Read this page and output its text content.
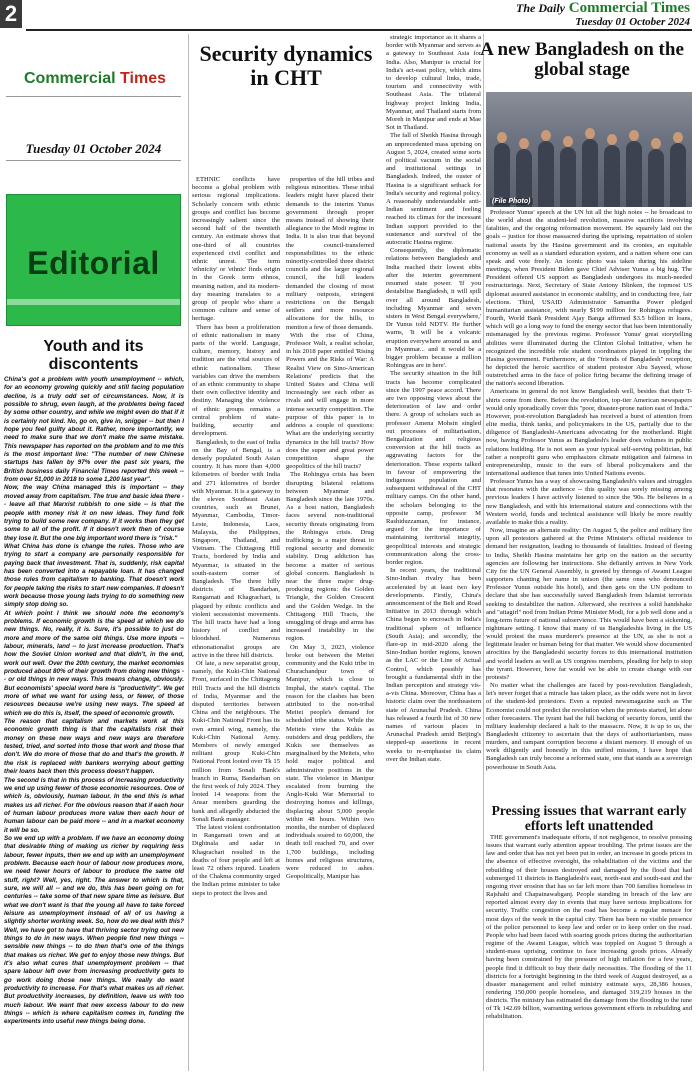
2	The Daily Commercial Times
Tuesday 01 October 2024
Commercial Times
Tuesday 01 October 2024
Editorial
Youth and its discontents

China's got a problem with youth unemployment -- which, for an economy growing quickly and still facing population decline, is a truly odd set of circumstances. Now, it is possible to shrug, even laugh, at the problems being faced by some other country, and while we might even do that if it is certainly not kind. No, go on, give in, snigger -- but then I hope you feel guilty about it. Rather, more importantly, we need to make sure that we don't make the same mistake. This newspaper has reported on the problem and to me this is the most important line: "The number of new Chinese startups has fallen by 97% over the past six years, the British business daily Financial Times reported this week -- from over 51,000 in 2018 to some 1,200 last year".

Now, the way China managed this is important -- they moved away from capitalism. The true and basic idea there -- leave all that Marxist rubbish to one side -- is that the people with money risk it on new ideas. They fund folk trying to build some new company. If it works then they get some to all of the profit. If it doesn't work then of course they lose it. But the one big important word there is "risk."

What China has done is change the rules. Those who are trying to start a company are personally responsible for paying back that investment. That is, suddenly, risk capital has been converted into a repayable loan. It has changed those rules from capitalism to banking. That doesn't work for people taking the risks to start new companies. It doesn't work because those young lads trying to do something new simply stop doing so.

At which point I think we should note the economy's problems. If economic growth is the speed at which we do new things. No, really, it is. Sure, it's possible to just do more and more of the same old things. Use more inputs -- labour, minerals, land -- to just increase production. That's how the Soviet Union worked and that didn't, in the end, work out well. Over the 20th century, the market economies produced about 80% of their growth from doing new things -- or old things in new ways. This means change, obviously. But economists' special word here is "productivity". We get more of what we want for using less, or fewer, of those resources because we're using new ways. The speed at which we do this is, itself, the speed of economic growth.

The reason that capitalism and markets work at this economic growth thing is that the capitalists risk their money on these new ways and new ways are therefore tested, tried, and sorted into those that work and those that don't. We do more of those that do and that's the growth. If the risk is replaced with bankers worrying about getting their loans back then this process doesn't happen.

The second is that in this process of increasing productivity we end up using fewer of those economic resources. One of which is, obviously, human labour. In the end this is what makes us all richer. For the obvious reason that if each hour of human labour produces more value then each hour of human labour can be paid more -- and in a market economy it will be so.

So we end up with a problem. If we have an economy doing that desirable thing of making us richer by requiring less labour, fewer inputs, then we end up with an unemployment problem. Because each hour of labour now produces more, we need fewer hours of labour to produce the same old stuff, right? Well, yes, right. The answer to which is that, sure, we will all -- and we do, this has been going on for centuries -- take some of that new spare time as leisure. But what we don't want is that the young all have to take forced leisure as unemployment instead of all of us having a slightly shorter working week. So, how do we deal with this?

Well, we have got to have that thriving sector trying out new things to do in new ways. When people find new things -- sensible new things -- to do then that's one of the things that makes us richer. We get to enjoy those new things. But it's also what cures that unemployment problem -- that spare labour left over from increasing productivity gets to go work doing those new things. We really do want productivity to increase. For that's what makes us all richer. But productivity increases, by definition, leave us with too much labour. We want that new excess labour to do new things -- which is where capitalism comes in, funding the experiments into useful new things being done.

Security dynamics in CHT

ETHNIC conflicts have become a global problem with serious regional implications. Scholarly concern with ethnic groups and conflict has become increasingly salient since the second half of the twentieth century. An estimate shows that one-third of all countries experienced civil conflict and ethnic unrest. The term 'ethnicity' or 'ethnic' finds origin in the Greek term ethnos, meaning nation, and its modern-day meaning translates to a group of people who share a common culture and sense of heritage.

There has been a proliferation of ethnic nationalism in many parts of the world. Language, culture, memory, history and tradition are the vital sources of ethnic nationalism. These variables can drive the members of an ethnic community to shape their own collective identity and destiny. Managing the violence of ethnic groups remains a central problem of state-building, security and development.

Bangladesh, to the east of India on the Bay of Bengal, is a densely populated South Asian country. It has more than 4,000 kilometres of border with India and 271 kilometres of border with Myanmar. It is a gateway to the eleven Southeast Asian countries, such as Brunei, Myanmar, Cambodia, Timor-Leste, Indonesia, Laos, Malaysia, the Philippines, Singapore, Thailand, and Vietnam. The Chittagong Hill Tracts, bordered by India and Myanmar, is situated in the south-eastern corner of Bangladesh. The three hilly districts of Bandarban, Rangamati and Khagrachari, is plagued by ethnic conflicts and violent secessionist movements. The hill tracts have had a long history of conflict and bloodshed. Numerous ethnonationalist groups are active in the three hill districts.

Of late, a new separatist group, namely, the Kuki-Chin National Front, surfaced in the Chittagong Hill Tracts and the hill districts of India, Myanmar and the disputed territories between China and the neighbours. The Kuki-Chin National Front has its own armed wing, namely, the Kuki-Chin National Army. Members of newly emerged militant group Kuki-Chin National Front looted over Tk 15 million from Sonali Bank's branch in Ruma, Bandarban on the first week of July 2024. They looted 14 weapons from the Ansar members guarding the bank and allegedly abducted the Sonali Bank manager.

The latest violent confrontation in Rangamati town and at Dighinala and sadar in Khagrachari resulted in the deaths of four people and left at least 72 others injured. Leaders of the Chakma community urged the Indian prime minister to take steps to protect the lives and

properties of the hill tribes and religious minorities. These tribal leaders might have placed their demands to the interim Yunus government through proper means instead of showing their allegiance to the Modi regime in India. It is also true that beyond the council-transferred responsibilities to the ethnic minority-controlled three district councils and the larger regional council, the hill leaders demanded the closing of most military outposts, stringent restrictions on the Bengali settlers and more resource allocations for the hills, to mention a few of those demands.

With the rise of China, Professor Walt, a realist scholar, in his 2018 paper entitled 'Rising Powers and the Risks of War: A Realist View on Sino-American Relations' predicts that the United States and China will increasingly see each other as rivals and will engage in more intense security competition. The purpose of this paper is to address a couple of questions: What are the underlying security dynamics in the hill tracts? How does the super and great power competition shape the geopolitics of the hill tracts?

The Rohingya crisis has been disrupting bilateral relations between Myanmar and Bangladesh since the late 1970s. As a host nation, Bangladesh faces several non-traditional security threats originating from the Rohingya crisis. Drug trafficking is a major threat to regional security and domestic stability. Drug addiction has become a matter of serious global concern. Bangladesh is near the three major drug-producing regions: the Golden Triangle, the Golden Crescent and the Golden Wedge. In the Chittagong Hill Tracts, the smuggling of drugs and arms has increased instability in the region.

On May 3, 2023, violence broke out between the Meitei community and the Kuki tribe in Churachandpur town of Manipur, which is close to Imphal, the state's capital. The reason for the clashes has been attributed to the non-tribal Meitei people's demand for scheduled tribe status. While the Meiteis view the Kukis as outsiders and drug peddlers, the Kukis see themselves as marginalised by the Meiteis, who hold major political and administrative positions in the state. The violence in Manipur escalated from burning the Anglo-Kuki War Memorial to destroying homes and killings, displacing about 5,000 people within 48 hours. Within two months, the number of displaced individuals soared to 60,000, the death toll reached 70, and over 1,700 buildings, including homes and religious structures, were reduced to ashes. Geopolitically, Manipur has

strategic importance as it shares a border with Myanmar and serves as a gateway to Southeast Asia for India. Also, Manipur is crucial for India's act-east policy, which aims to develop cultural links, trade, tourism and connectivity with Southeast Asia. The trilateral highway project linking India, Myanmar, and Thailand starts from Moreh in Manipur and ends at Mae Sot in Thailand.

The fall of Sheikh Hasina through an unprecedented mass uprising on August 5, 2024, created some sorts of political vacuum in the social and institutional settings in Bangladesh. Indeed, the ouster of Hasina is a significant setback for India's security and regional policy. A reasonably understandable anti-Indian sentiment and feeling reached its climax for the incessant Indian support provided to the sustenance and survival of the autocratic Hasina regime.

Consequently, the diplomatic relations between Bangladesh and India reached their lowest ebbs after the interim government resumed state power. 'If you destabilise Bangladesh, it will spill over all around Bangladesh, including Myanmar and seven sisters in West Bengal everywhere,' Dr Yunus told NDTV. He further warns, 'It will be a volcanic eruption everywhere around us and in Myanmar... and it would be a bigger problem because a million Rohingyas are in here'.

The security situation in the hill tracts has become complicated since the 1997 peace accord. There are two opposing views about the deterioration of law and order there. A group of scholars such as professor Amena Mohsin singled out processes of militarisation, Bengalization and religious conversion at the hill tracts as aggravating factors for the deterioration. These experts talked in favour of empowering the indigenous population and subsequent withdrawal of the CHT military camps. On the other hand, the scholars belonging to the opposite camp, professor M Rashiduzzaman, for instance, argued for the importance of maintaining territorial integrity, geopolitical interests and strategic communication along the cross-border region.

In recent years, the traditional Sino-Indian rivalry has been accelerated by at least two key developments. Firstly, China's announcement of the Belt and Road Initiative in 2013 through which China began to encroach in India's traditional sphere of influence (South Asia); and secondly, the flare-up in mid-2020 along the Sino-Indian border regions, known as the LAC or the Line of Actual Control, which possibly has brought a fundamental shift in the Indian perception and strategy vis-a-vis China. Moreover, China has a historic claim over the northeastern state of Arunachal Pradesh. China has released a fourth list of 30 new names of various places in Arunachal Pradesh amid Beijing's stepped-up assertions in recent weeks to re-emphasise its claim over the Indian state.

A new Bangladesh on the global stage
(File Photo)

Professor Yunus' speech at the UN hit all the high notes -- he broadcast to the world about the student-led revolution, massive sacrifices involving fatalities, and the ongoing reformation movement. He squarely laid out the goals -- justice for those massacred during the uprising, repatriation of stolen national assets by the Hasina government and its cronies, an equitable economy as well as a standard education system, and a nation where one can speak and vote freely. An iconic photo was taken during his sideline meetings, when President Biden gave Chief Adviser Yunus a big hug. The President offered US support as Bangladesh undergoes its much-needed restructurings. Next, Secretary of State Antony Blinken, the topmost US diplomat assured assistance in economic stability, and in conducting free, fair elections. Third, USAID Administrator Samantha Power pledged humanitarian assistance, with nearly $199 million for Rohingya refugees. Fourth, World Bank President Ajay Banga affirmed $3.5 billion in loans, which will go a long way to fund the energy sector that has been intentionally mismanaged by the previous regime. Professor Yunus' great storytelling abilities were illuminated during the Clinton Global Initiative, when he recognized the incredible role student coordinators played in toppling the Hasina government. Furthermore, at the "friends of Bangladesh" reception, he depicted the heroic sacrifice of student protestor Abu Sayeed, whose outstretched arms in the face of police firing became the defining image of the nation's second liberation.

Americans in general do not know Bangladesh well, besides that their T-shirts come from there. Before the revolution, top-tier American newspapers would only sporadically cover this "poor, disaster-prone nation east of India." However, post-revolution Bangladesh has received a burst of attention from elite media, think tanks, and policymakers in the US, partially due to the diligence of Bangladeshi-Americans advocating for the motherland. Right now, having Professor Yunus as Bangladesh's leader does volumes in public relations building. He is not seen as your typical self-serving politician, but rather a nonprofit guru who emphasizes climate mitigation and fairness in entrepreneurship, music to the ears of liberal policymakers and the international audience that tunes into United Nations events.

Professor Yunus has a way of showcasing Bangladesh's values and struggles that resonates with the audience -- this quality was sorely missing among previous leaders I have actively listened to since the '90s. He believes in a new Bangladesh, and with his international stature and connections with the Western world, funds and technical assistance will likely be more readily available to make this a reality.

Now, imagine an alternate reality: On August 5, the police and military fire upon all protestors gathered at the Prime Minister's official residence to demand her resignation, leading to thousands of fatalities. Instead of fleeing to India, Sheikh Hasina maintains her grip on the nation as the security agencies are following her instructions. She defiantly arrives in New York City for the UN General Assembly, is greeted by throngs of Awami League supporters chanting her name in unison (the same ones who denounced Professor Yunus outside his hotel), and then gets on the UN podium to declare that she has successfully saved Bangladesh from Islamist terrorists seeking to destabilize the nation. Afterward, she receives a solid handshake and "attagirl" nod from Indian Prime Minister Modi, for a job well done and a long-term future of national subservience. This would have been a sickening, nightmare setting. I know that many of us Bangladeshis living in the US would protest the mass murderer's presence at the UN, as she is not a legitimate leader or human being for that matter. We would show documented atrocities by the Bangladeshi security forces to this international institution and world leaders as well as US congress members, pleading for help to stop the tyrant. However, how far would we be able to create change with our protests?

No matter what the challenges are faced by post-revolution Bangladesh, let's never forget that a miracle has taken place, as the odds were not in favor of the student-led protestors. Even a reputed newsmagazine such as The Economist could not predict the revolution when the protests started, let alone other forecasters. The tyrant had the full backing of security forces, until the military leadership declared a halt to the massacre. Now, it is up to us, the Bangladeshi citizenry to ascertain that the days of authoritarianism, mass murders, and rampant corruption become a distant memory. If enough of us work diligently and honestly in this unified mission, I have hope that Bangladesh can truly become a reformed state, one that stands as a sovereign powerhouse in South Asia.

Pressing issues that warrant early efforts left unattended

THE government's inadequate efforts, if not negligence, to resolve pressing issues that warrant early attention appear troubling. The prime issues are the law and order that has not yet been put in order, an increase in goods prices in the absence of effective oversight, the rehabilitation of the victims and the rebuilding of their houses destroyed and damaged by the flood that had submerged 11 districts in Bangladesh's east, north-east and south-east and the ongoing river erosion that has so far left more than 700 families homeless in Rajshahi and Chapainawabganj. People standing in breach of the law are reported almost every day in events that may have serious implications for security. Traffic congestion on the road has become a regular menace for most days of the week in the capital city. There has been no visible presence of the police personnel to keep law and order or to keep order on the road. People who had been faced with soaring goods prices during the authoritarian regime of the Awami League, which was toppled on August 5 through a student-mass uprising, continue to face increasing goods prices. Already having been constrained by the pressure of high inflation for a few years, people find it difficult to buy their daily necessities. The flooding of the 11 districts for a fortnight beginning in the third week of August destroyed, as a disaster management and relief ministry estimate says, 28,386 houses, rendering 150,000 people homeless, and damaged 319,219 houses in the districts. The ministry has estimated the damage from the flooding to the tune of Tk 142.69 billion, warranting serious government efforts in rebuilding and rehabilitation.
